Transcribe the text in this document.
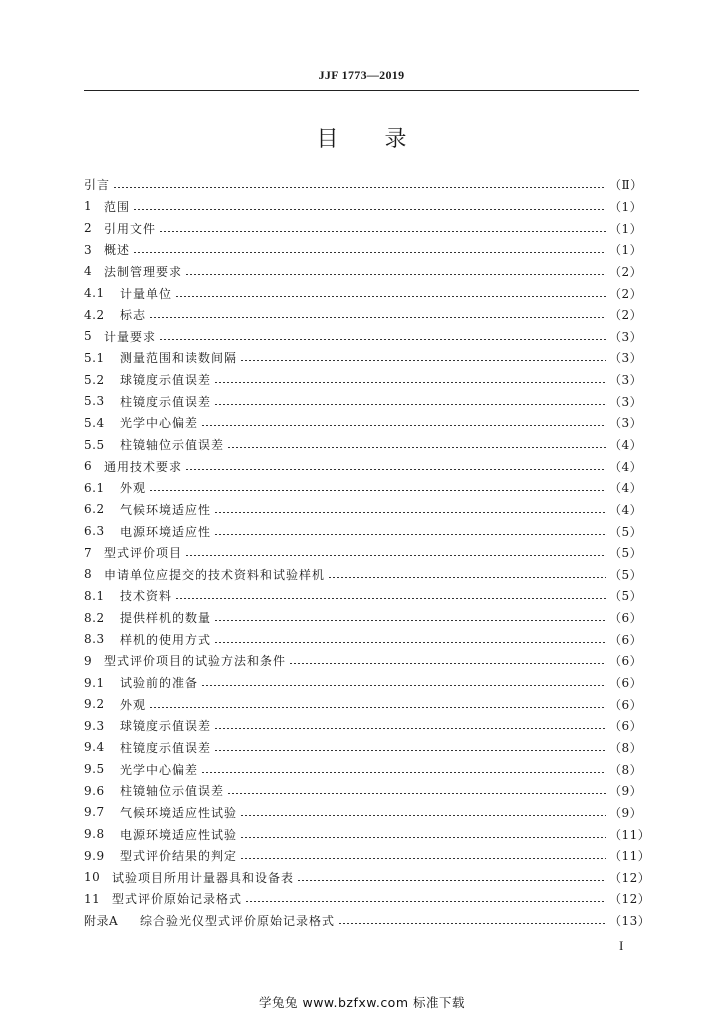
JJF 1773—2019
目录
引言	（Ⅱ）
1 范围	（1）
2 引用文件	（1）
3 概述	（1）
4 法制管理要求	（2）
4.1	计量单位	（2）
4.2	标志	（2）
5 计量要求	（3）
5.1	测量范围和读数间隔	（3）
5.2	球镜度示值误差	（3）
5.3	柱镜度示值误差	（3）
5.4	光学中心偏差	（3）
5.5	柱镜轴位示值误差	（4）
6 通用技术要求	（4）
6.1	外观	（4）
6.2	气候环境适应性	（4）
6.3	电源环境适应性	（5）
7 型式评价项目	（5）
8 申请单位应提交的技术资料和试验样机	（5）
8.1	技术资料	（5）
8.2	提供样机的数量	（6）
8.3	样机的使用方式	（6）
9 型式评价项目的试验方法和条件	（6）
9.1	试验前的准备	（6）
9.2	外观	（6）
9.3	球镜度示值误差	（6）
9.4	柱镜度示值误差	（8）
9.5	光学中心偏差	（8）
9.6	柱镜轴位示值误差	（9）
9.7	气候环境适应性试验	（9）
9.8	电源环境适应性试验	（11）
9.9	型式评价结果的判定	（11）
10 试验项目所用计量器具和设备表	（12）
11 型式评价原始记录格式	（12）
附录A	综合验光仪型式评价原始记录格式	（13）
I
学兔兔 www.bzfxw.com 标准下载
